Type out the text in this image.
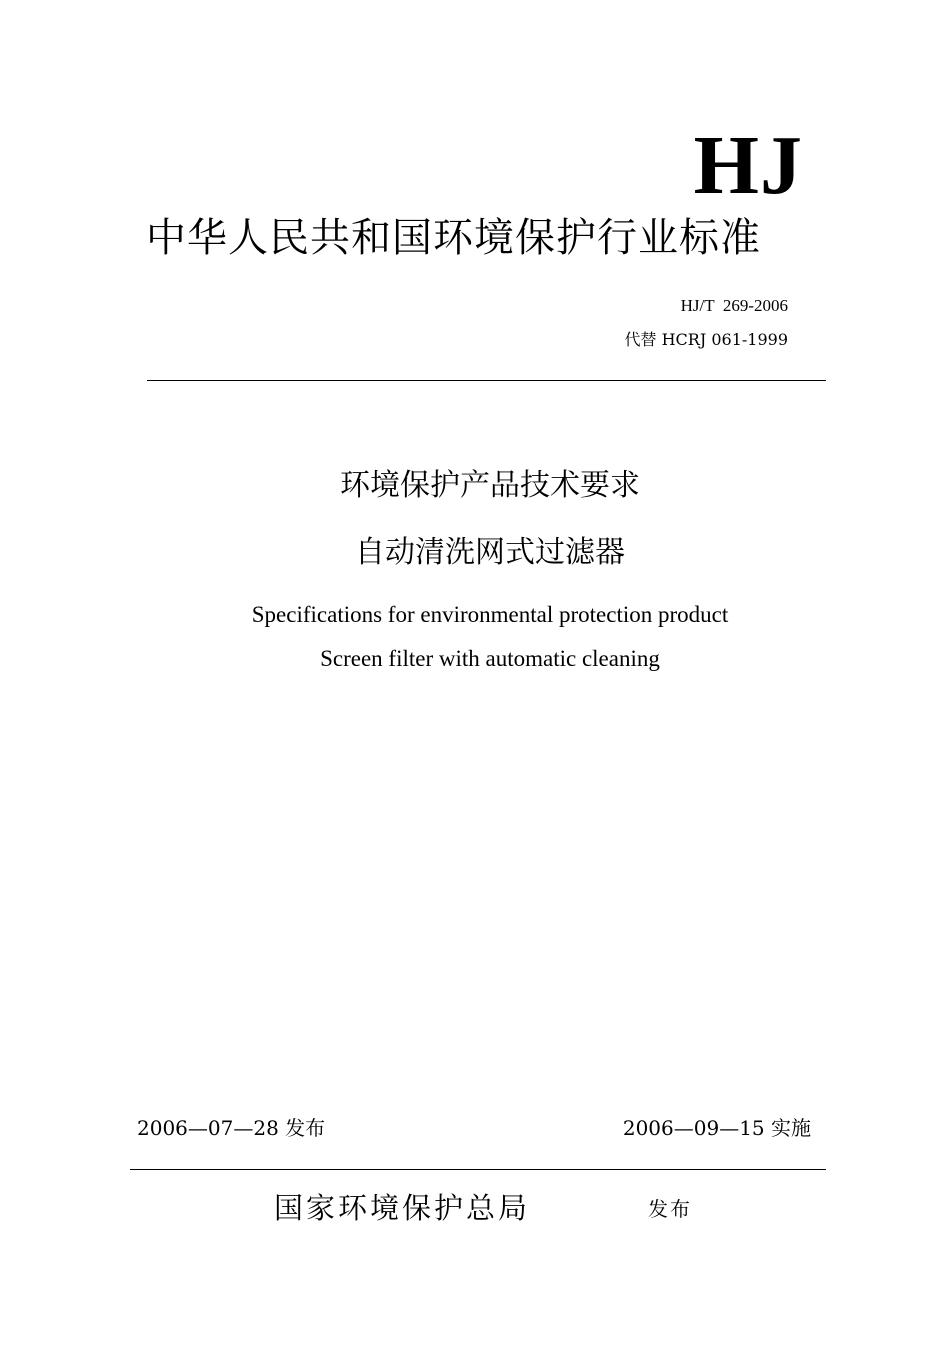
HJ
中华人民共和国环境保护行业标准
HJ/T  269-2006
代替 HCRJ 061-1999
环境保护产品技术要求
自动清洗网式过滤器
Specifications for environmental protection product
Screen filter with automatic cleaning
2006—07—28 发布	2006—09—15 实施
国家环境保护总局	发布
